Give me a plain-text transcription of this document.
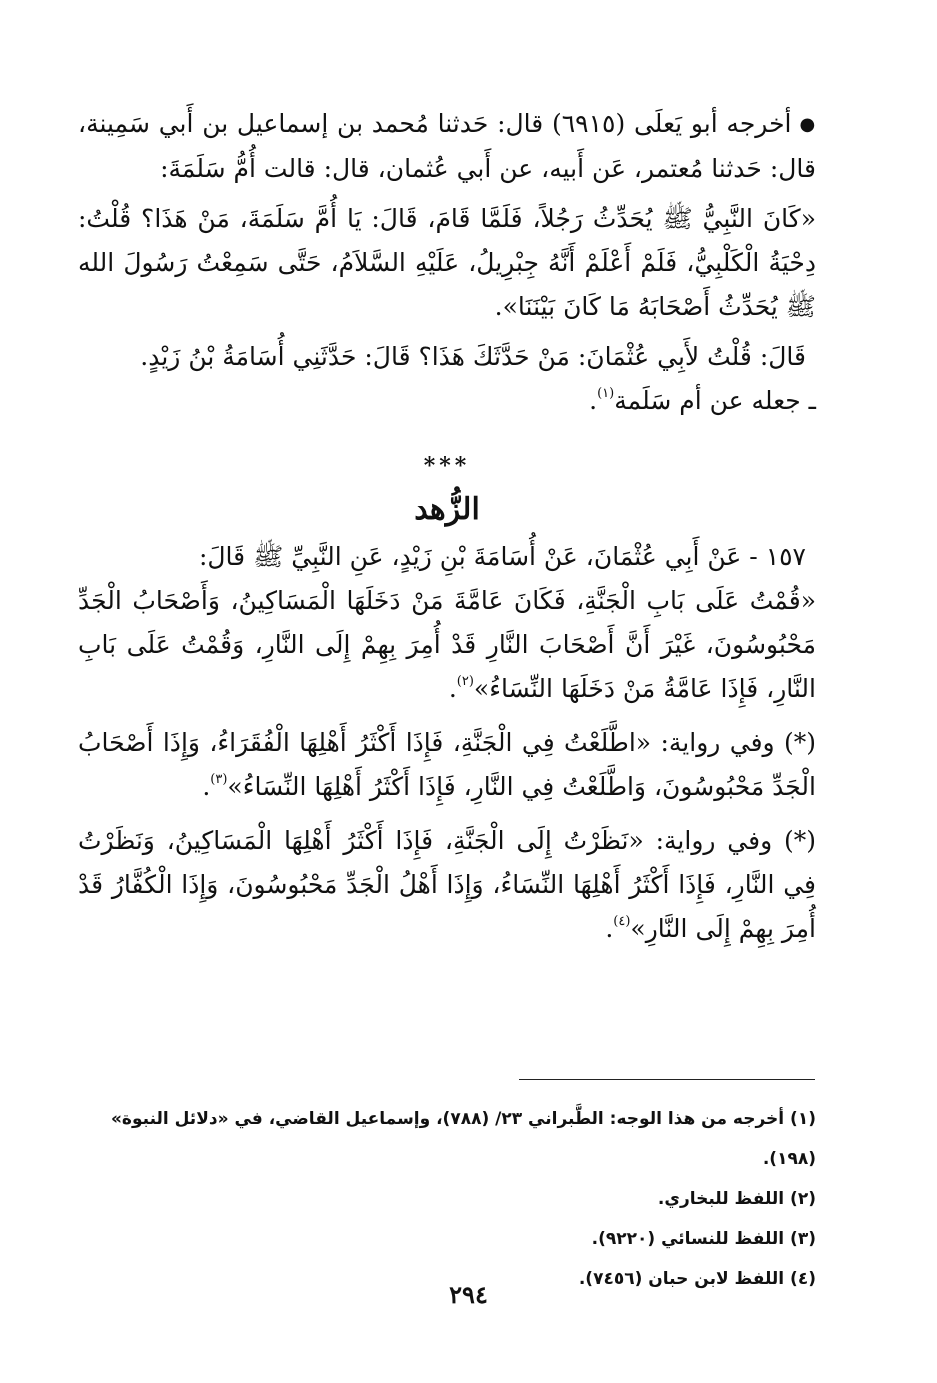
●أخرجه أبو يَعلَى (٦٩١٥) قال: حَدثنا مُحمد بن إسماعيل بن أَبي سَمِينة، قال: حَدثنا مُعتمر، عَن أَبيه، عن أَبي عُثمان، قال: قالت أُمُّ سَلَمَةَ:

«كَانَ النَّبِيُّ ﷺ يُحَدِّثُ رَجُلاً، فَلَمَّا قَامَ، قَالَ: يَا أُمَّ سَلَمَةَ، مَنْ هَذَا؟ قُلْتُ: دِحْيَةُ الْكَلْبِيُّ، فَلَمْ أَعْلَمْ أَنَّهُ جِبْرِيلُ، عَلَيْهِ السَّلاَمُ، حَتَّى سَمِعْتُ رَسُولَ الله ﷺ يُحَدِّثُ أَصْحَابَهُ مَا كَانَ بَيْنَنَا».

قَالَ: قُلْتُ لأَبِي عُثْمَانَ: مَنْ حَدَّثَكَ هَذَا؟ قَالَ: حَدَّثَنِي أُسَامَةُ بْنُ زَيْدٍ.

ـ جعله عن أم سَلَمة$^{(١)}$.

***
الزُّهد

١٥٧ - عَنْ أَبِي عُثْمَانَ، عَنْ أُسَامَةَ بْنِ زَيْدٍ، عَنِ النَّبِيِّ ﷺ قَالَ:

«قُمْتُ عَلَى بَابِ الْجَنَّةِ، فَكَانَ عَامَّةَ مَنْ دَخَلَهَا الْمَسَاكِينُ، وَأَصْحَابُ الْجَدِّ مَحْبُوسُونَ، غَيْرَ أَنَّ أَصْحَابَ النَّارِ قَدْ أُمِرَ بِهِمْ إِلَى النَّارِ، وَقُمْتُ عَلَى بَابِ النَّارِ، فَإِذَا عَامَّةُ مَنْ دَخَلَهَا النِّسَاءُ»$^{(٢)}$.

(*) وفي رواية: «اطَّلَعْتُ فِي الْجَنَّةِ، فَإِذَا أَكْثَرُ أَهْلِهَا الْفُقَرَاءُ، وَإِذَا أَصْحَابُ الْجَدِّ مَحْبُوسُونَ، وَاطَّلَعْتُ فِي النَّارِ، فَإِذَا أَكْثَرُ أَهْلِهَا النِّسَاءُ»$^{(٣)}$.

(*) وفي رواية: «نَظَرْتُ إِلَى الْجَنَّةِ، فَإِذَا أَكْثَرُ أَهْلِهَا الْمَسَاكِينُ، وَنَظَرْتُ فِي النَّارِ، فَإِذَا أَكْثَرُ أَهْلِهَا النِّسَاءُ، وَإِذَا أَهْلُ الْجَدِّ مَحْبُوسُونَ، وَإِذَا الْكُفَّارُ قَدْ أُمِرَ بِهِمْ إِلَى النَّارِ»$^{(٤)}$.

(١) أخرجه من هذا الوجه: الطَّبراني ٢٣/ (٧٨٨)، وإسماعيل القاضي، في «دلائل النبوة» (١٩٨).

(٢) اللفظ للبخاري.

(٣) اللفظ للنسائي (٩٢٢٠).

(٤) اللفظ لابن حبان (٧٤٥٦).

٢٩٤
